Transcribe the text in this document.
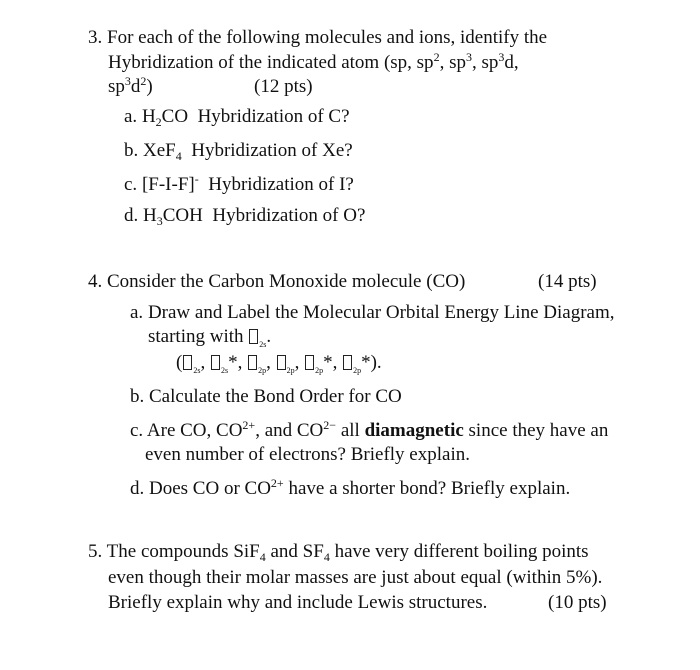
3. For each of the following molecules and ions, identify the
Hybridization of the indicated atom (sp, $sp^2$, $sp^3$, $sp^3d$,
$sp^3d^2$)	(12 pts)
a. $H_2CO$ Hybridization of C?
b. XeF$_4$ Hybridization of Xe?
c. [F-I-F]- Hybridization of I?
d. $H_3COH$ Hybridization of O?
4. Consider the Carbon Monoxide molecule (CO)	(14 pts)
a. Draw and Label the Molecular Orbital Energy Line Diagram,
starting with $_{2s}$.
( $_{2s}$, $_{2s}$*, $_{2p}$, $_{2p}$, $_{2p}$*, $_{2p}$*).
b. Calculate the Bond Order for CO
c. Are CO, $CO^{2+}$, and $CO^{2-}$ all diamagnetic since they have an
even number of electrons? Briefly explain.
d. Does CO or $CO^{2+}$ have a shorter bond? Briefly explain.
5. The compounds SiF$_4$ and $SF_4$ have very different boiling points
even though their molar masses are just about equal (within 5%).
Briefly explain why and include Lewis structures.	(10 pts)
